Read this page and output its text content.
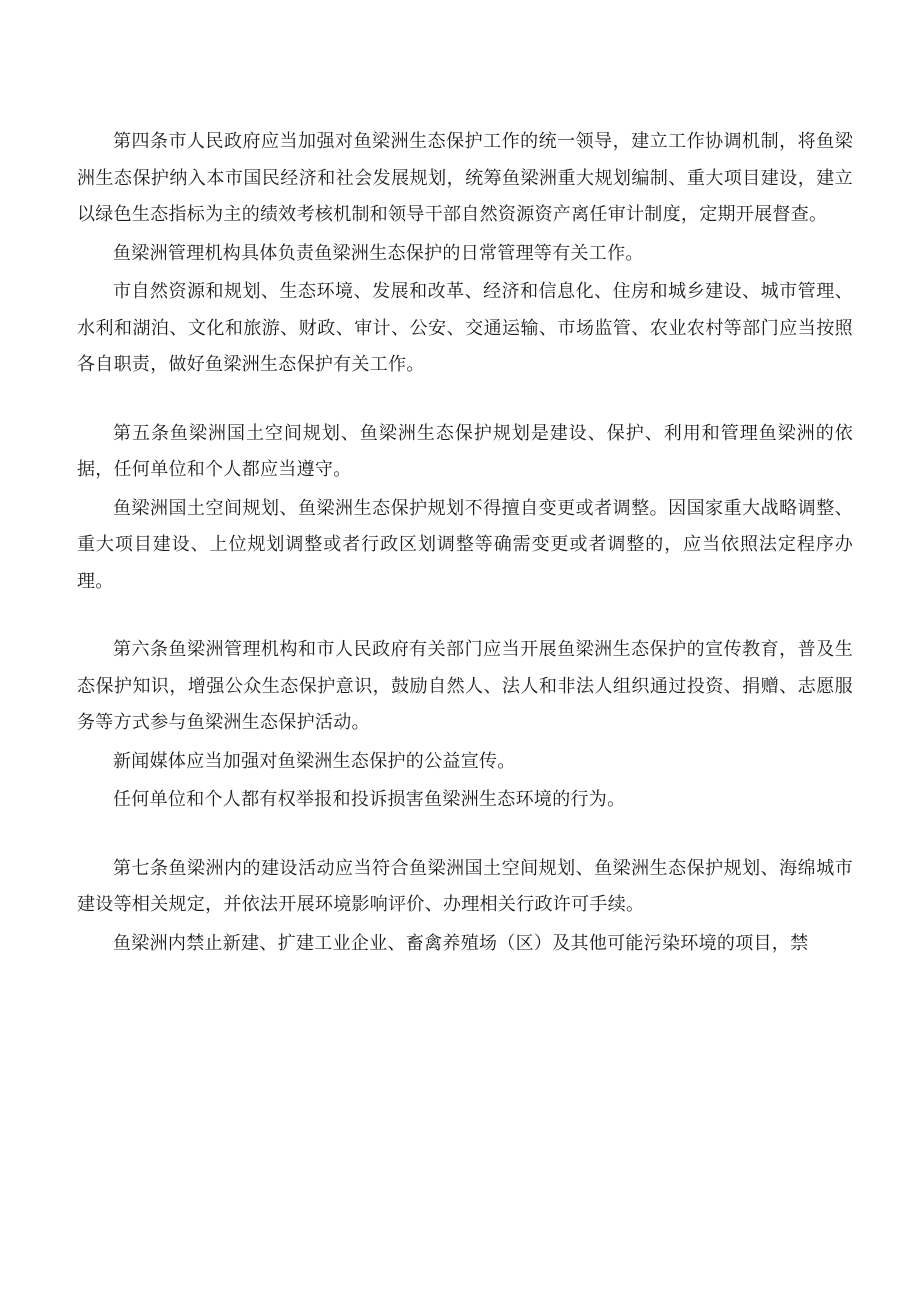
第四条市人民政府应当加强对鱼梁洲生态保护工作的统一领导，建立工作协调机制，将鱼梁洲生态保护纳入本市国民经济和社会发展规划，统筹鱼梁洲重大规划编制、重大项目建设，建立以绿色生态指标为主的绩效考核机制和领导干部自然资源资产离任审计制度，定期开展督查。

鱼梁洲管理机构具体负责鱼梁洲生态保护的日常管理等有关工作。

市自然资源和规划、生态环境、发展和改革、经济和信息化、住房和城乡建设、城市管理、水利和湖泊、文化和旅游、财政、审计、公安、交通运输、市场监管、农业农村等部门应当按照各自职责，做好鱼梁洲生态保护有关工作。

第五条鱼梁洲国土空间规划、鱼梁洲生态保护规划是建设、保护、利用和管理鱼梁洲的依据，任何单位和个人都应当遵守。

鱼梁洲国土空间规划、鱼梁洲生态保护规划不得擅自变更或者调整。因国家重大战略调整、重大项目建设、上位规划调整或者行政区划调整等确需变更或者调整的，应当依照法定程序办理。

第六条鱼梁洲管理机构和市人民政府有关部门应当开展鱼梁洲生态保护的宣传教育，普及生态保护知识，增强公众生态保护意识，鼓励自然人、法人和非法人组织通过投资、捐赠、志愿服务等方式参与鱼梁洲生态保护活动。

新闻媒体应当加强对鱼梁洲生态保护的公益宣传。

任何单位和个人都有权举报和投诉损害鱼梁洲生态环境的行为。

第七条鱼梁洲内的建设活动应当符合鱼梁洲国土空间规划、鱼梁洲生态保护规划、海绵城市建设等相关规定，并依法开展环境影响评价、办理相关行政许可手续。

鱼梁洲内禁止新建、扩建工业企业、畜禽养殖场（区）及其他可能污染环境的项目，禁
